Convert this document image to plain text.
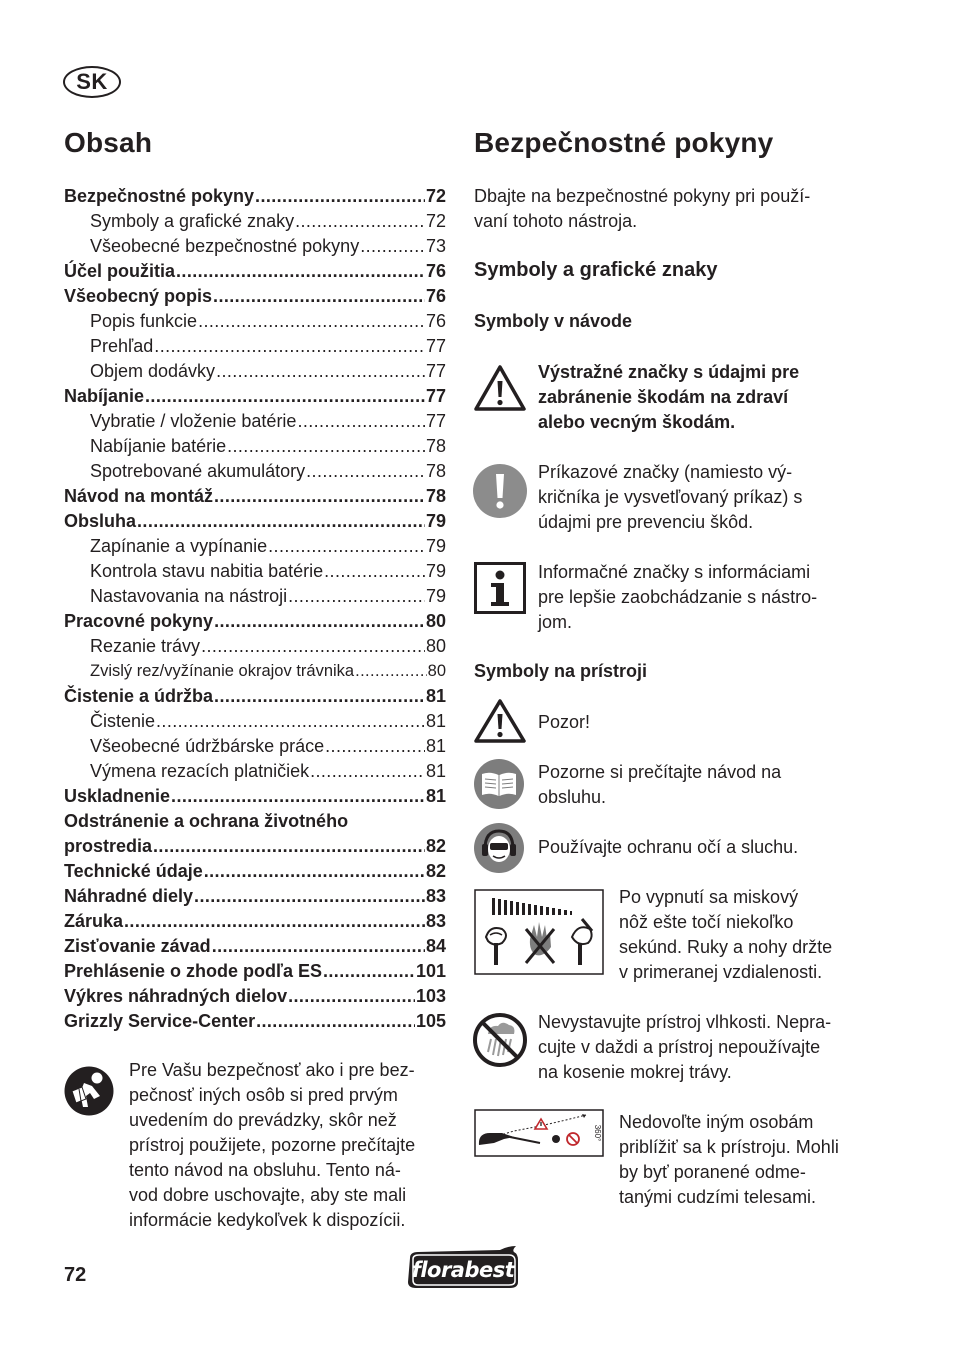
SK
Obsah	Bezpečnostné pokyny
Bezpečnostné pokyny .....	72
Symboly a grafické znaky .....	72
Všeobecné bezpečnostné pokyny .....	73
Účel použitia .....	76
Všeobecný popis .....	76
Popis funkcie .....	76
Prehľad .....	77
Objem dodávky .....	77
Nabíjanie .....	77
Vybratie / vloženie batérie .....	77
Nabíjanie batérie .....	78
Spotrebované akumulátory .....	78
Návod na montáž .....	78
Obsluha .....	79
Zapínanie a vypínanie .....	79
Kontrola stavu nabitia batérie .....	79
Nastavovania na nástroji .....	79
Pracovné pokyny .....	80
Rezanie trávy .....	80
Zvislý rez/vyžínanie okrajov trávnika .....	80
Čistenie a údržba .....	81
Čistenie .....	81
Všeobecné údržbárske práce .....	81
Výmena rezacích platničiek .....	81
Uskladnenie .....	81
Odstránenie a ochrana životného
prostredia .....	82
Technické údaje .....	82
Náhradné diely .....	83
Záruka .....	83
Zisťovanie závad .....	84
Prehlásenie o zhode podľa ES .....	101
Výkres náhradných dielov .....	103
Grizzly Service-Center .....	105
Pre Vašu bezpečnosť ako i pre bez-
pečnosť iných osôb si pred prvým
uvedením do prevádzky, skôr než
prístroj použijete, pozorne prečítajte
tento návod na obsluhu. Tento ná-
vod dobre uschovajte, aby ste mali
informácie kedykoľvek k dispozícii.
Dbajte na bezpečnostné pokyny pri použí-
vaní tohoto nástroja.
Symboly a grafické znaky
Symboly v návode
Výstražné značky s údajmi pre
zabránenie škodám na zdraví
alebo vecným škodám.
Príkazové značky (namiesto vý-
kričníka je vysvetľovaný príkaz) s
údajmi pre prevenciu škôd.
Informačné značky s informáciami
pre lepšie zaobchádzanie s nástro-
jom.
Symboly na prístroji
Pozor!
Pozorne si prečítajte návod na
obsluhu.
Používajte ochranu očí a sluchu.
Po vypnutí sa miskový
nôž ešte točí niekoľko
sekúnd. Ruky a nohy držte
v primeranej vzdialenosti.
Nevystavujte prístroj vlhkosti. Nepra-
cujte v daždi a prístroj nepoužívajte
na kosenie mokrej trávy.
360°
Nedovoľte iným osobám
priblížiť sa k prístroju. Mohli
by byť poranené odme-
tanými cudzími telesami.
72	florabest
